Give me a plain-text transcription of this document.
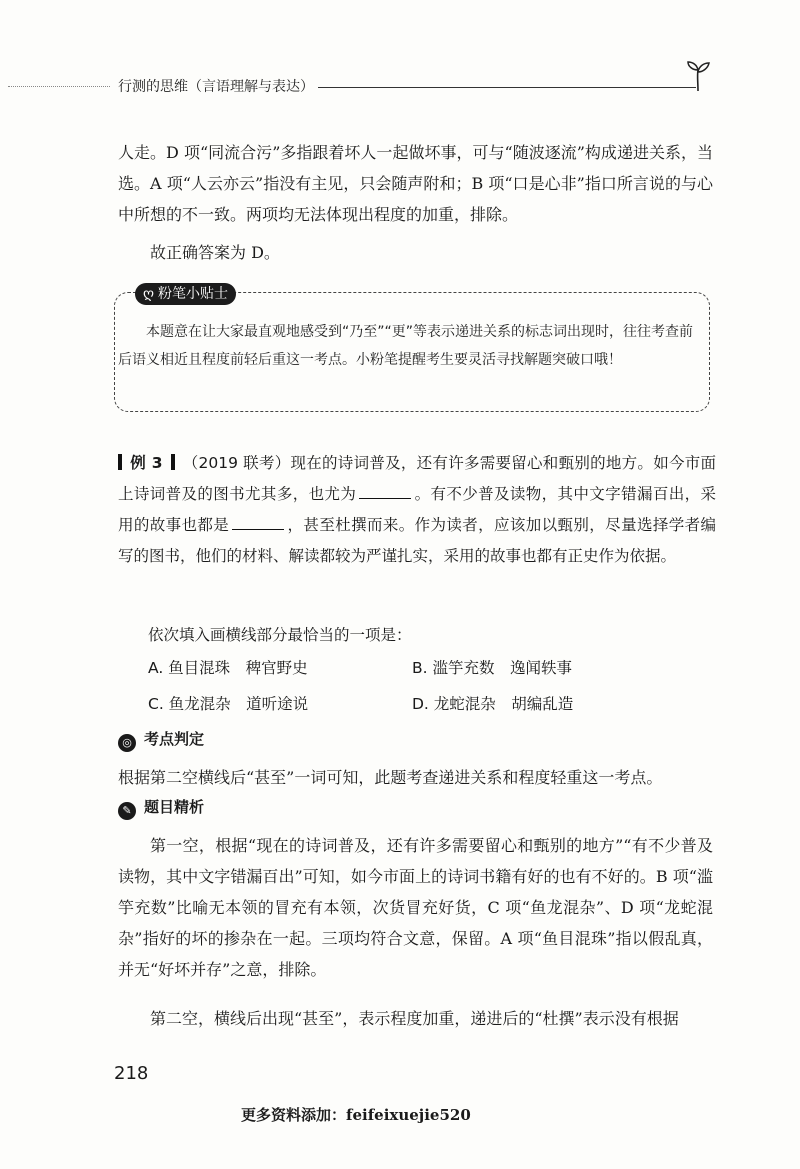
行测的思维（言语理解与表达）
人走。D 项“同流合污”多指跟着坏人一起做坏事，可与“随波逐流”构成递进关系，当选。A 项“人云亦云”指没有主见，只会随声附和；B 项“口是心非”指口所言说的与心中所想的不一致。两项均无法体现出程度的加重，排除。
故正确答案为 D。
ღ 粉笔小贴士
本题意在让大家最直观地感受到“乃至”“更”等表示递进关系的标志词出现时，往往考查前后语义相近且程度前轻后重这一考点。小粉笔提醒考生要灵活寻找解题突破口哦！
例 3 （2019 联考）现在的诗词普及，还有许多需要留心和甄别的地方。如今市面上诗词普及的图书尤其多，也尤为	。有不少普及读物，其中文字错漏百出，采用的故事也都是	，甚至杜撰而来。作为读者，应该加以甄别，尽量选择学者编写的图书，他们的材料、解读都较为严谨扎实，采用的故事也都有正史作为依据。
依次填入画横线部分最恰当的一项是：
A. 鱼目混珠　稗官野史	B. 滥竽充数　逸闻轶事
C. 鱼龙混杂　道听途说	D. 龙蛇混杂　胡编乱造
◎ 考点判定
根据第二空横线后“甚至”一词可知，此题考查递进关系和程度轻重这一考点。
✎ 题目精析
第一空，根据“现在的诗词普及，还有许多需要留心和甄别的地方”“有不少普及读物，其中文字错漏百出”可知，如今市面上的诗词书籍有好的也有不好的。B 项“滥竽充数”比喻无本领的冒充有本领，次货冒充好货，C 项“鱼龙混杂”、D 项“龙蛇混杂”指好的坏的掺杂在一起。三项均符合文意，保留。A 项“鱼目混珠”指以假乱真，并无“好坏并存”之意，排除。
第二空，横线后出现“甚至”，表示程度加重，递进后的“杜撰”表示没有根据
218
更多资料添加：feifeixuejie520
